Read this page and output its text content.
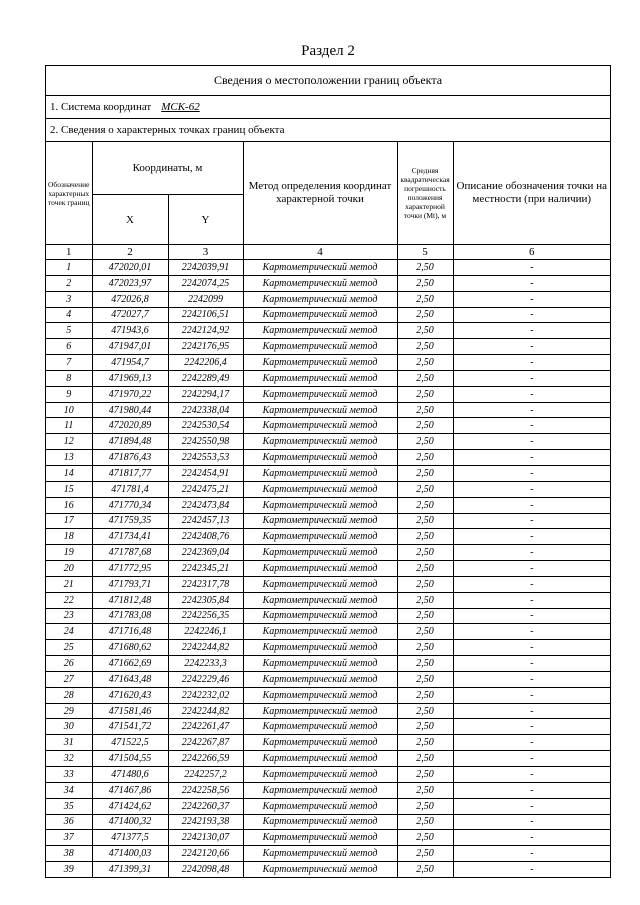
Раздел 2
Сведения о местоположении границ объекта
1. Система координат МСК-62
2. Сведения о характерных точках границ объекта
Обозначение характерных точек границ	Координаты, м		Метод определения координат характерной точки	Средняя квадратическая погрешность положения характерной точки (Mt), м	Описание обозначения точки на местности (при наличии)
	X	Y			
1	2	3	4	5	6
1	472020,01	2242039,91	Картометрический метод	2,50	-
2	472023,97	2242074,25	Картометрический метод	2,50	-
3	472026,8	2242099	Картометрический метод	2,50	-
4	472027,7	2242106,51	Картометрический метод	2,50	-
5	471943,6	2242124,92	Картометрический метод	2,50	-
6	471947,01	2242176,95	Картометрический метод	2,50	-
7	471954,7	2242206,4	Картометрический метод	2,50	-
8	471969,13	2242289,49	Картометрический метод	2,50	-
9	471970,22	2242294,17	Картометрический метод	2,50	-
10	471980,44	2242338,04	Картометрический метод	2,50	-
11	472020,89	2242530,54	Картометрический метод	2,50	-
12	471894,48	2242550,98	Картометрический метод	2,50	-
13	471876,43	2242553,53	Картометрический метод	2,50	-
14	471817,77	2242454,91	Картометрический метод	2,50	-
15	471781,4	2242475,21	Картометрический метод	2,50	-
16	471770,34	2242473,84	Картометрический метод	2,50	-
17	471759,35	2242457,13	Картометрический метод	2,50	-
18	471734,41	2242408,76	Картометрический метод	2,50	-
19	471787,68	2242369,04	Картометрический метод	2,50	-
20	471772,95	2242345,21	Картометрический метод	2,50	-
21	471793,71	2242317,78	Картометрический метод	2,50	-
22	471812,48	2242305,84	Картометрический метод	2,50	-
23	471783,08	2242256,35	Картометрический метод	2,50	-
24	471716,48	2242246,1	Картометрический метод	2,50	-
25	471680,62	2242244,82	Картометрический метод	2,50	-
26	471662,69	2242233,3	Картометрический метод	2,50	-
27	471643,48	2242229,46	Картометрический метод	2,50	-
28	471620,43	2242232,02	Картометрический метод	2,50	-
29	471581,46	2242244,82	Картометрический метод	2,50	-
30	471541,72	2242261,47	Картометрический метод	2,50	-
31	471522,5	2242267,87	Картометрический метод	2,50	-
32	471504,55	2242266,59	Картометрический метод	2,50	-
33	471480,6	2242257,2	Картометрический метод	2,50	-
34	471467,86	2242258,56	Картометрический метод	2,50	-
35	471424,62	2242260,37	Картометрический метод	2,50	-
36	471400,32	2242193,38	Картометрический метод	2,50	-
37	471377,5	2242130,07	Картометрический метод	2,50	-
38	471400,03	2242120,66	Картометрический метод	2,50	-
39	471399,31	2242098,48	Картометрический метод	2,50	-
